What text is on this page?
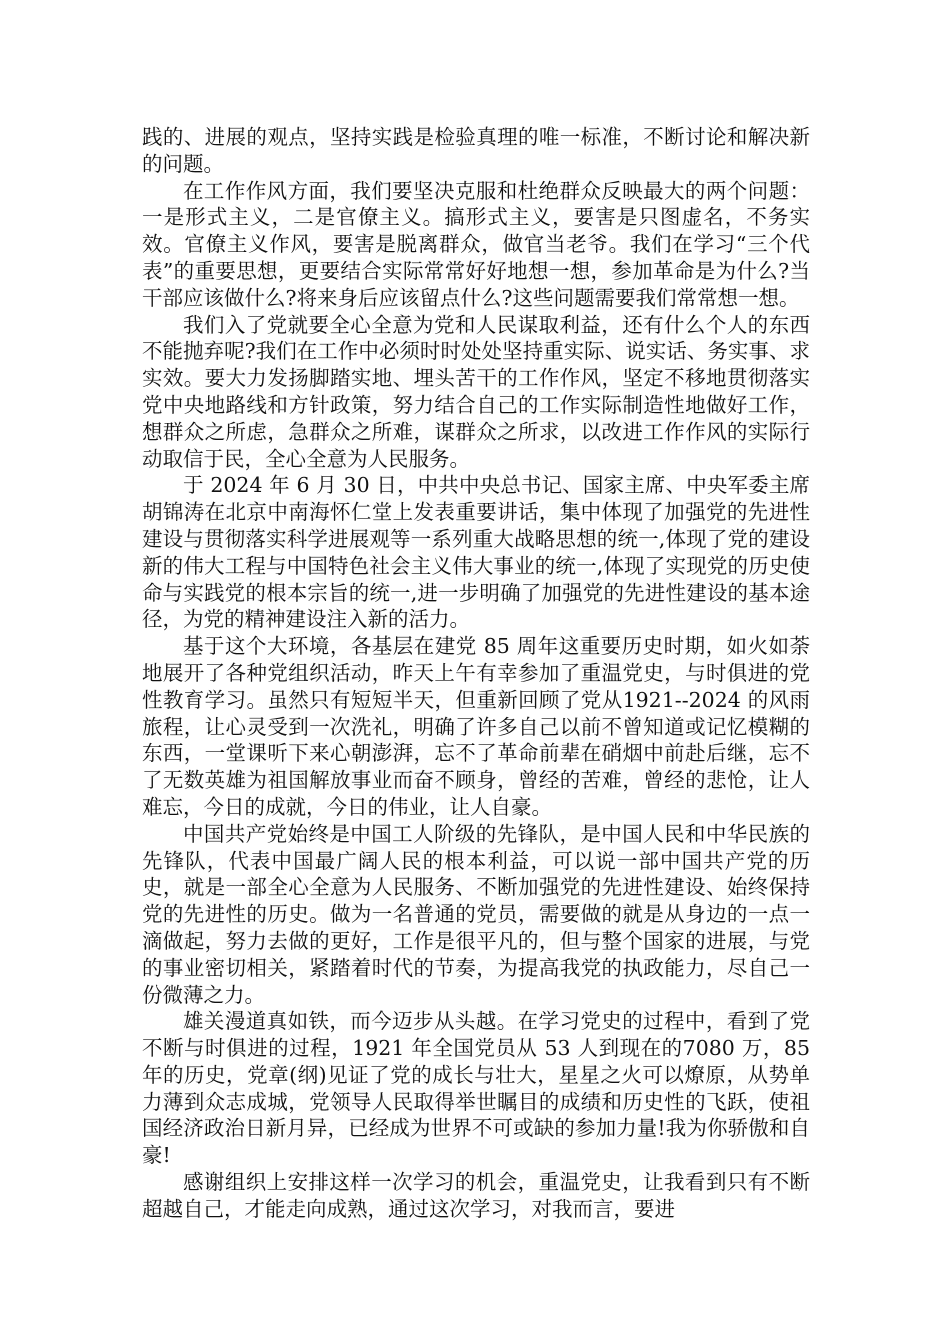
践的、进展的观点，坚持实践是检验真理的唯一标准，不断讨论和解决新的问题。

在工作作风方面，我们要坚决克服和杜绝群众反映最大的两个问题：一是形式主义，二是官僚主义。搞形式主义，要害是只图虚名，不务实效。官僚主义作风，要害是脱离群众，做官当老爷。我们在学习“三个代表”的重要思想，更要结合实际常常好好地想一想，参加革命是为什么?当干部应该做什么?将来身后应该留点什么?这些问题需要我们常常想一想。

我们入了党就要全心全意为党和人民谋取利益，还有什么个人的东西不能抛弃呢?我们在工作中必须时时处处坚持重实际、说实话、务实事、求实效。要大力发扬脚踏实地、埋头苦干的工作作风，坚定不移地贯彻落实党中央地路线和方针政策，努力结合自己的工作实际制造性地做好工作，想群众之所虑，急群众之所难，谋群众之所求，以改进工作作风的实际行动取信于民，全心全意为人民服务。

于 2024 年 6 月 30 日，中共中央总书记、国家主席、中央军委主席胡锦涛在北京中南海怀仁堂上发表重要讲话，集中体现了加强党的先进性建设与贯彻落实科学进展观等一系列重大战略思想的统一,体现了党的建设新的伟大工程与中国特色社会主义伟大事业的统一,体现了实现党的历史使命与实践党的根本宗旨的统一,进一步明确了加强党的先进性建设的基本途径，为党的精神建设注入新的活力。

基于这个大环境，各基层在建党 85 周年这重要历史时期，如火如荼地展开了各种党组织活动，昨天上午有幸参加了重温党史，与时俱进的党性教育学习。虽然只有短短半天，但重新回顾了党从1921--2024 的风雨旅程，让心灵受到一次洗礼，明确了许多自己以前不曾知道或记忆模糊的东西，一堂课听下来心朝澎湃，忘不了革命前辈在硝烟中前赴后继，忘不了无数英雄为祖国解放事业而奋不顾身，曾经的苦难，曾经的悲怆，让人难忘，今日的成就，今日的伟业，让人自豪。

中国共产党始终是中国工人阶级的先锋队，是中国人民和中华民族的先锋队，代表中国最广阔人民的根本利益，可以说一部中国共产党的历史，就是一部全心全意为人民服务、不断加强党的先进性建设、始终保持党的先进性的历史。做为一名普通的党员，需要做的就是从身边的一点一滴做起，努力去做的更好，工作是很平凡的，但与整个国家的进展，与党的事业密切相关，紧踏着时代的节奏，为提高我党的执政能力，尽自己一份微薄之力。

雄关漫道真如铁，而今迈步从头越。在学习党史的过程中，看到了党不断与时俱进的过程，1921 年全国党员从 53 人到现在的7080 万，85 年的历史，党章(纲)见证了党的成长与壮大，星星之火可以燎原，从势单力薄到众志成城，党领导人民取得举世瞩目的成绩和历史性的飞跃，使祖国经济政治日新月异，已经成为世界不可或缺的参加力量!我为你骄傲和自豪!

感谢组织上安排这样一次学习的机会，重温党史，让我看到只有不断超越自己，才能走向成熟，通过这次学习，对我而言，要进
